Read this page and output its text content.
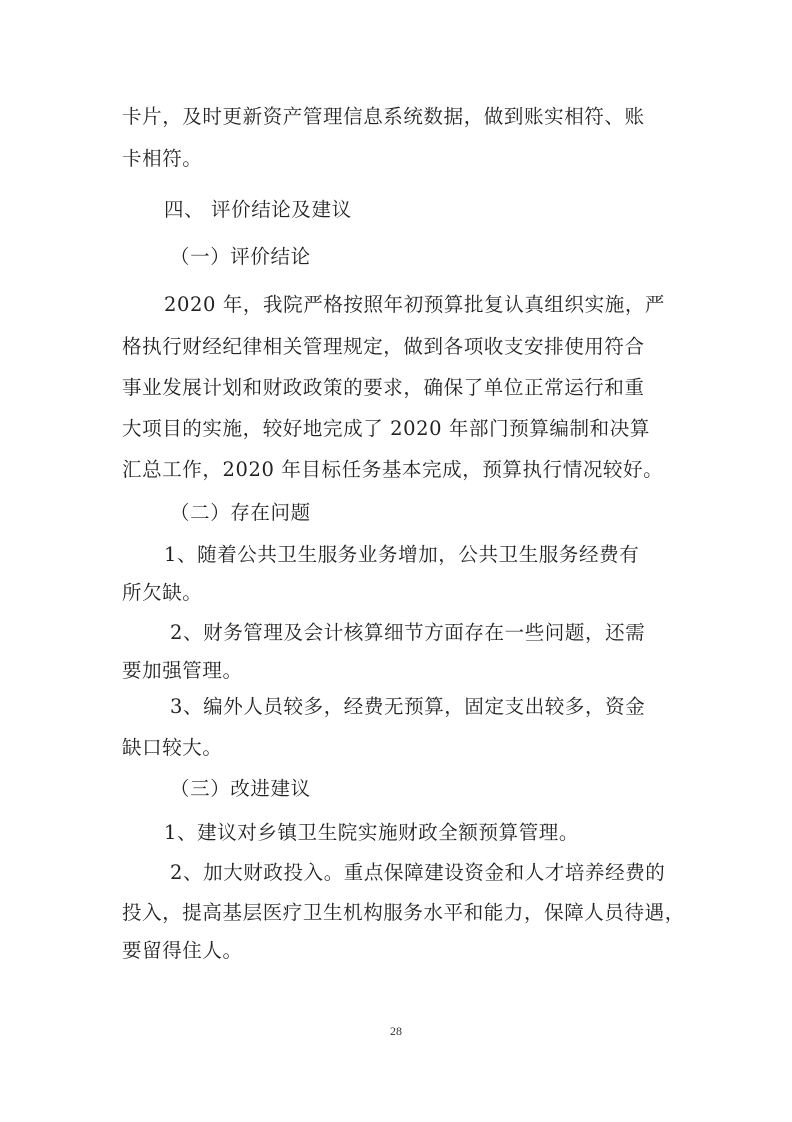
卡片，及时更新资产管理信息系统数据，做到账实相符、账
卡相符。
四、 评价结论及建议
（一）评价结论
2020 年，我院严格按照年初预算批复认真组织实施，严
格执行财经纪律相关管理规定，做到各项收支安排使用符合
事业发展计划和财政政策的要求，确保了单位正常运行和重
大项目的实施，较好地完成了 2020 年部门预算编制和决算
汇总工作，2020 年目标任务基本完成，预算执行情况较好。
（二）存在问题
1、随着公共卫生服务业务增加，公共卫生服务经费有
所欠缺。
2、财务管理及会计核算细节方面存在一些问题，还需
要加强管理。
3、编外人员较多，经费无预算，固定支出较多，资金
缺口较大。
（三）改进建议
1、建议对乡镇卫生院实施财政全额预算管理。
2、加大财政投入。重点保障建设资金和人才培养经费的
投入，提高基层医疗卫生机构服务水平和能力，保障人员待遇，
要留得住人。
28
